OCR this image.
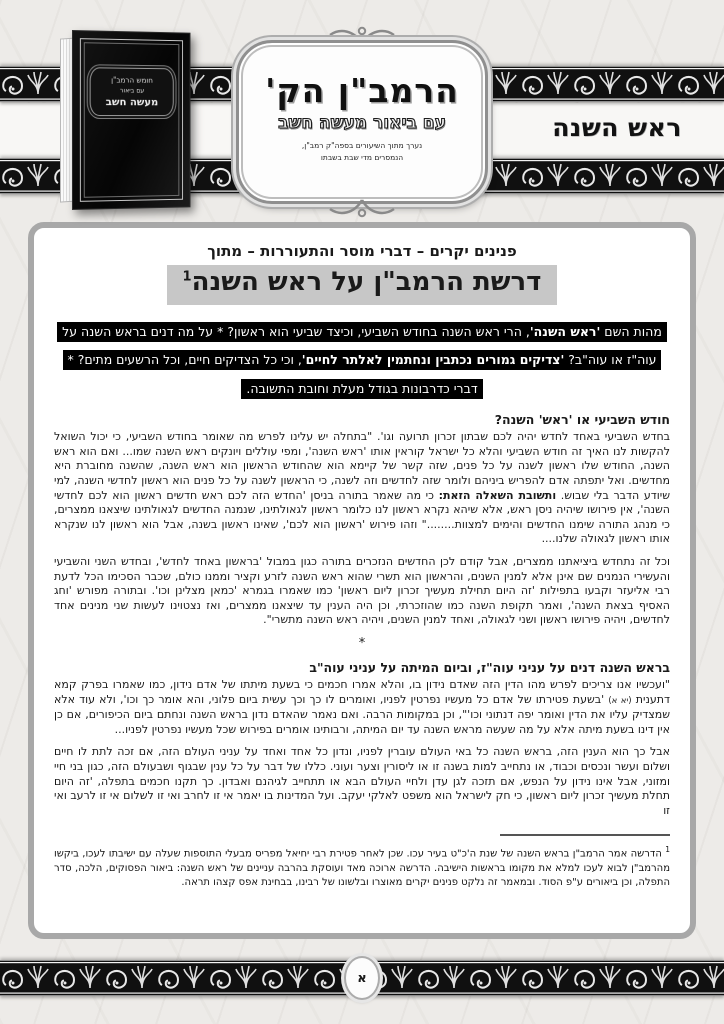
ראש השנה
חומש הרמב"ן
עם ביאור
מעשה חשב	הרמב"ן הק'
עם ביאור מעשה חשב
נערך מתוך השיעורים בספה"ק רמב"ן,
הנמסרים מדי שבת בשבתו
פנינים יקרים – דברי מוסר והתעוררות – מתוך
דרשת הרמב"ן על ראש השנה$^1$
מהות השם 'ראש השנה', הרי ראש השנה בחודש השביעי, וכיצד שביעי הוא ראשון? * על מה דנים בראש השנה על עוה"ז או עוה"ב? 'צדיקים גמורים נכתבין ונחתמין לאלתר לחיים', וכי כל הצדיקים חיים, וכל הרשעים מתים? * דברי כדרבונות בגודל מעלת וחובת התשובה.
חודש השביעי או 'ראש' השנה?

בחדש השביעי באחד לחדש יהיה לכם שבתון זכרון תרועה וגו'. "בתחלה יש עלינו לפרש מה שאומר בחודש השביעי, כי יכול השואל להקשות לנו האיך זה חודש השביעי והלא כל ישראל קוראין אותו 'ראש השנה', ומפי עוללים ויונקים ראש השנה שמו... ואם הוא ראש השנה, החודש שלו ראשון לשנה על כל פנים, שזה קשר של קיימא הוא שהחודש הראשון הוא ראש השנה, שהשנה מחוברת היא מחדשים. ואל יתפתה אדם להפריש ביניהם ולומר שזה לחדשים וזה לשנה, כי הראשון לשנה על כל פנים הוא ראשון לחדשי השנה, למי שיודע הדבר בלי שבוש. ותשובת השאלה הזאת: כי מה שאמר בתורה בניסן 'החדש הזה לכם ראש חדשים ראשון הוא לכם לחדשי השנה', אין פירושו שיהיה ניסן ראש, אלא שיהא נקרא ראשון לנו כלומר ראשון לגאולתינו, שנמנה החדשים לגאולתינו שיצאנו ממצרים, כי מנהג התורה שימנו החדשים והימים למצוות........" וזהו פירוש 'ראשון הוא לכם', שאינו ראשון בשנה, אבל הוא ראשון לנו שנקרא אותו ראשון לגאולה שלנו....

וכל זה נתחדש ביציאתנו ממצרים, אבל קודם לכן החדשים הנזכרים בתורה כגון במבול 'בראשון באחד לחדש', ובחדש השני והשביעי והעשירי הנמנים שם אינן אלא למנין השנים, והראשון הוא תשרי שהוא ראש השנה לזרע וקציר וממנו כולם, שכבר הסכימו הכל לדעת רבי אליעזר וקבעו בתפילות 'זה היום תחילת מעשיך זכרון ליום ראשון' כמו שאמרו בגמרא 'כמאן מצלינן וכו'. ובתורה מפורש 'וחג האסיף בצאת השנה', ואמר תקופת השנה כמו שהוזכרתי, וכן היה הענין עד שיצאנו ממצרים, ואז נצטוינו לעשות שני מנינים אחד לחדשים, ויהיה פירושו ראשון ושני לגאולה, ואחד למנין השנים, ויהיה ראש השנה מתשרי".

*
בראש השנה דנים על עניני עוה"ז, וביום המיתה על עניני עוה"ב

"ועכשיו אנו צריכים לפרש מהו הדין הזה שאדם נידון בו, והלא אמרו חכמים כי בשעת מיתתו של אדם נידון, כמו שאמרו בפרק קמא דתענית (יא א) 'בשעת פטירתו של אדם כל מעשיו נפרטין לפניו, ואומרים לו כך וכך עשית ביום פלוני, והא אומר כך וכו', ולא עוד אלא שמצדיק עליו את הדין ואומר יפה דנתוני וכו'", וכן במקומות הרבה. ואם נאמר שהאדם נדון בראש השנה ונחתם ביום הכיפורים, אם כן אין דינו בשעת מיתה אלא על מה שעשה מראש השנה עד יום המיתה, ורבותינו אומרים בפירוש שכל מעשיו נפרטין לפניו...

אבל כך הוא הענין הזה, בראש השנה כל באי העולם עוברין לפניו, ונדון כל אחד ואחד על עניני העולם הזה, אם זכה לתת לו חיים ושלום ועשר ונכסים וכבוד, או נתחייב למות בשנה זו או ליסורין וצער ועוני. כללו של דבר על כל ענין שבגוף ושבעולם הזה, כגון בני חיי ומזוני, אבל אינו נידון על הנפש, אם תזכה לגן עדן ולחיי העולם הבא או תתחייב לגיהנם ואבדון. כך תקנו חכמים בתפלה, 'זה היום תחלת מעשיך זכרון ליום ראשון, כי חק לישראל הוא משפט לאלקי יעקב. ועל המדינות בו יאמר אי זו לחרב ואי זו לשלום אי זו לרעב ואי זו

$^1$ הדרשה אמר הרמב"ן בראש השנה של שנת ה'כ"ט בעיר עכו. שכן לאחר פטירת רבי יחיאל מפריס מבעלי התוספות שעלה עם ישיבתו לעכו, ביקשו מהרמב"ן לבוא לעכו למלא את מקומו בראשות הישיבה. הדרשה ארוכה מאד ועוסקת בהרבה עניינים של ראש השנה: ביאור הפסוקים, הלכה, סדר התפלה, וכן ביאורים ע"פ הסוד. ובמאמר זה נלקט פנינים יקרים מאוצרו ובלשונו של רבינו, בבחינת אפס קצהו תראה.

א
